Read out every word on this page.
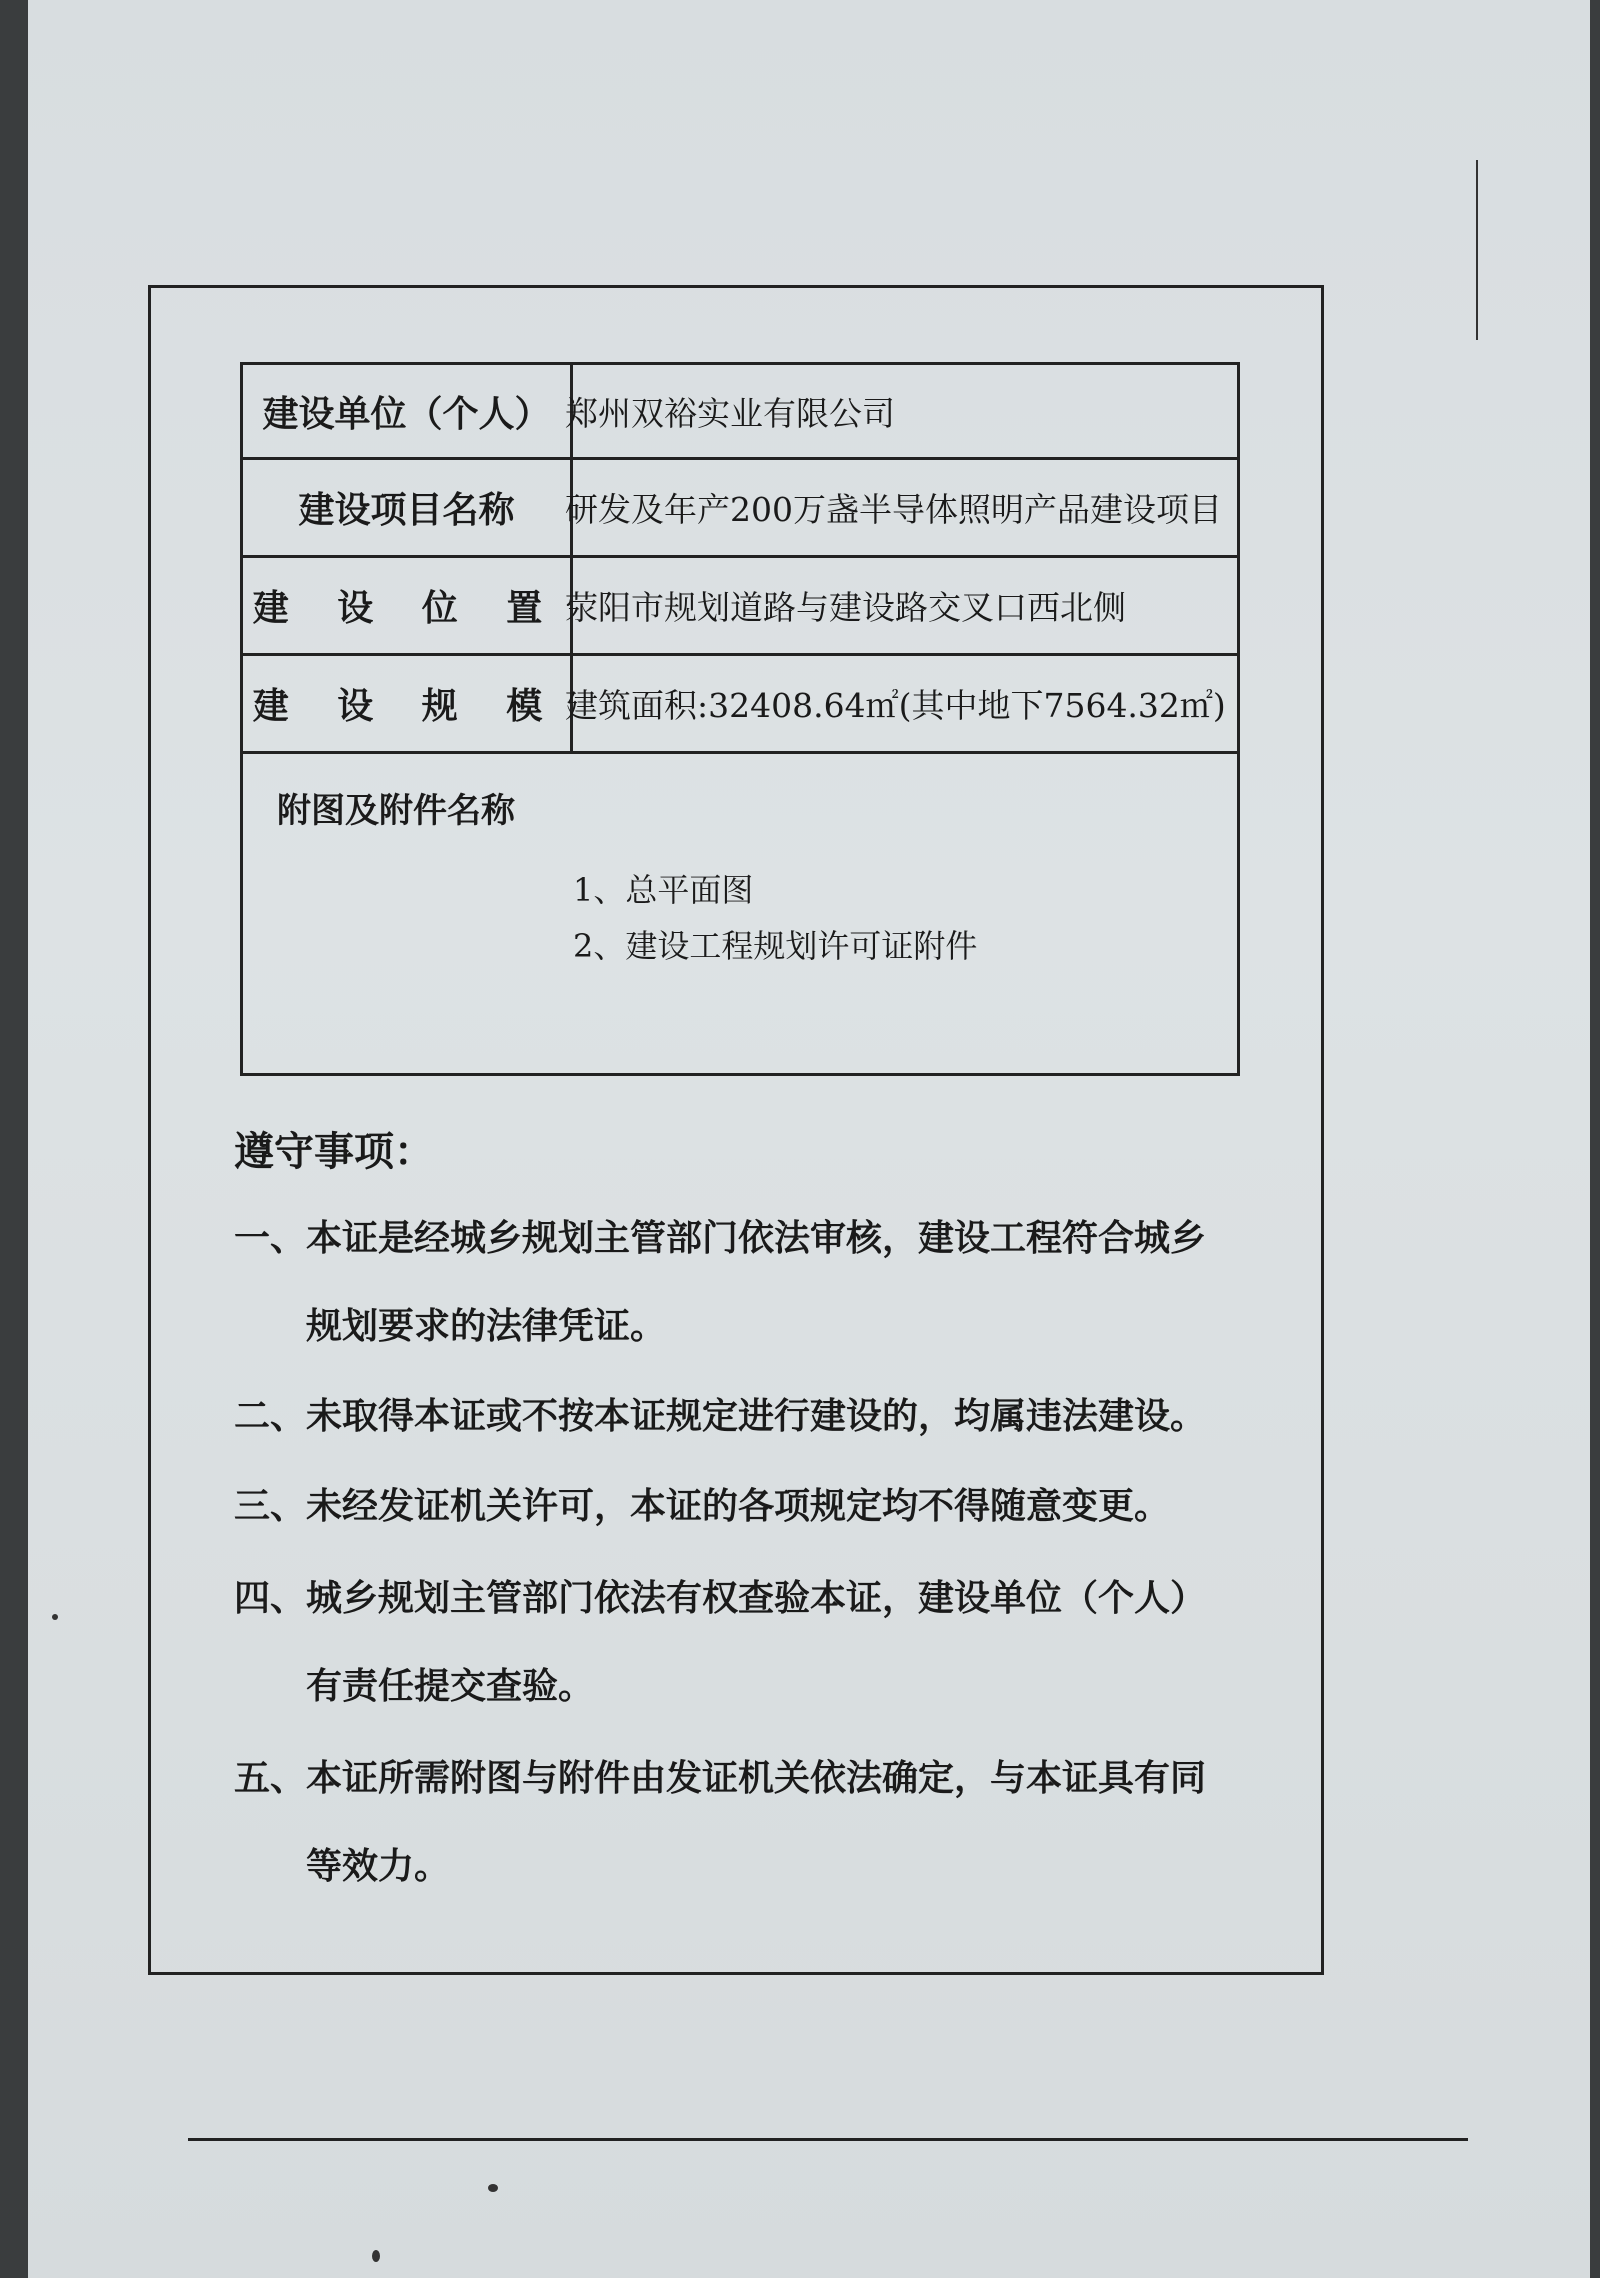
建设单位（个人） 郑州双裕实业有限公司
建设项目名称	研发及年产200万盏半导体照明产品建设项目
建 设 位 置 荥阳市规划道路与建设路交叉口西北侧
建 设 规 模 建筑面积:32408.64㎡(其中地下7564.32㎡)
附图及附件名称
1、总平面图
2、建设工程规划许可证附件
遵守事项：
一、本证是经城乡规划主管部门依法审核，建设工程符合城乡
规划要求的法律凭证。
二、未取得本证或不按本证规定进行建设的，均属违法建设。
三、未经发证机关许可，本证的各项规定均不得随意变更。
四、城乡规划主管部门依法有权查验本证，建设单位（个人）
有责任提交查验。
五、本证所需附图与附件由发证机关依法确定，与本证具有同
等效力。
